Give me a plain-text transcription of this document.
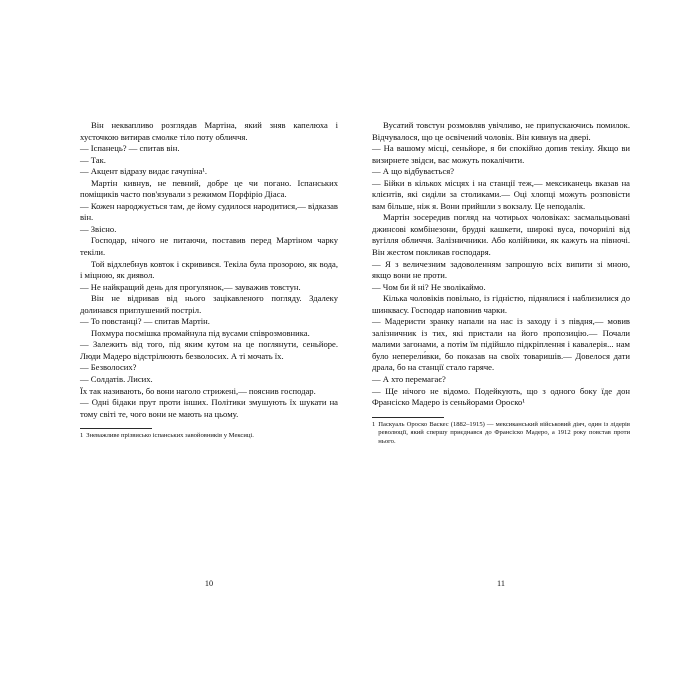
Він неквапливо розглядав Мартіна, який зняв капелюха і хусточкою витирав смолке тіло поту обличчя.

— Іспанець? — спитав він.

— Так.

— Акцент відразу видає гачупіна¹.

Мартін кивнув, не певний, добре це чи погано. Іспанських поміщиків часто пов'язували з режимом Порфіріо Діаса.

— Кожен народжується там, де йому судилося народитися,— відказав він.

— Звісно.

Господар, нічого не питаючи, поставив перед Мартіном чарку текіли.

Той відхлебнув ковток і скривився. Текіла була прозорою, як вода, і міцною, як диявол.

— Не найкращий день для прогулянок,— зауважив товстун.

Він не відривав від нього зацікавленого погляду. Здалеку долинався приглушений постріл.

— То повстанці? — спитав Мартін.

Похмура посмішка промайнула під вусами співрозмовника.

— Залежить від того, під яким кутом на це поглянути, сеньйоре. Люди Мадеро відстрілюють безволосих. А ті мочать їх.

— Безволосих?

— Солдатів. Лисих.

Їх так називають, бо вони наголо стрижені,— пояснив господар.

— Одні бідаки прут проти інших. Політики змушують їх шукати на тому світі те, чого вони не мають на цьому.

1 Зневажливе прізвисько іспанських завойовників у Мексиці.
10

Вусатий товстун розмовляв увічливо, не припускаючись помилок. Відчувалося, що це освічений чоловік. Він кивнув на двері.

— На вашому місці, сеньйоре, я би спокійно допив текілу. Якщо ви визирнете звідси, вас можуть покалічити.

— А що відбувається?

— Бійки в кількох місцях і на станції теж,— мексиканець вказав на клієнтів, які сиділи за столиками.— Оці хлопці можуть розповісти вам більше, ніж я. Вони прийшли з вокзалу. Це неподалік.

Мартін зосередив погляд на чотирьох чоловіках: засмальцьовані джинсові комбінезони, брудні кашкети, широкі вуса, почорнілі від вугілля обличчя. Залізничники. Або колійники, як кажуть на півночі. Він жестом покликав господаря.

— Я з величезним задоволенням запрошую всіх випити зі мною, якщо вони не проти.

— Чом би й ні? Не зволікаймо.

Кілька чоловіків повільно, із гідністю, піднялися і наблизилися до шинквасу. Господар наповнив чарки.

— Мадеристи зранку напали на нас із заходу і з півдня,— мовив залізничник із тих, які пристали на його пропозицію.— Почали малими загонами, а потім їм підійшло підкріплення і кавалерія... нам було неперели́вки, бо показав на своїх товаришів.— Довелося дати драла, бо на станції стало гаряче.

— А хто перемагає?

— Ще нічого не відомо. Подейкують, що з одного боку їде дон Франсіско Мадеро із сеньйорами Ороско¹

1 Паскуаль Ороско Васкес (1882–1915) — мексиканський військовий діяч, один із лідерів революції, який спершу приєднався до Франсіско Мадеро, а 1912 року повстав проти нього.
11
